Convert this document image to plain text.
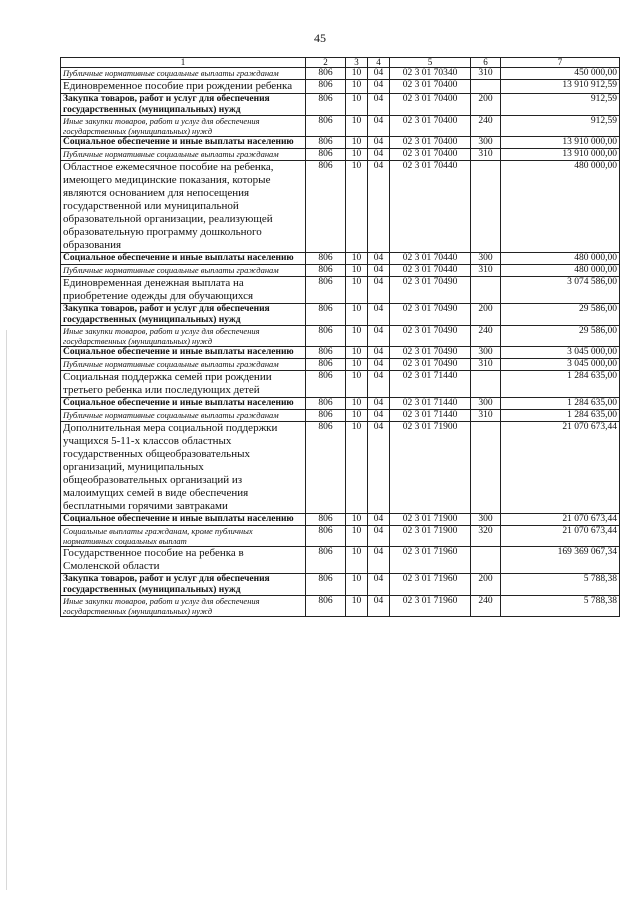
45
1	2	3	4	5	6	7
Публичные нормативные социальные выплаты гражданам	806	10	04	02 3 01 70340	310	450 000,00
Единовременное пособие при рождении ребенка	806	10	04	02 3 01 70400		13 910 912,59
Закупка товаров, работ и услуг для обеспечения государственных (муниципальных) нужд	806	10	04	02 3 01 70400	200	912,59
Иные закупки товаров, работ и услуг для обеспечения государственных (муниципальных) нужд	806	10	04	02 3 01 70400	240	912,59
Социальное обеспечение и иные выплаты населению	806	10	04	02 3 01 70400	300	13 910 000,00
Публичные нормативные социальные выплаты гражданам	806	10	04	02 3 01 70400	310	13 910 000,00
Областное ежемесячное пособие на ребенка, имеющего медицинские показания, которые являются основанием для непосещения государственной или муниципальной образовательной организации, реализующей образовательную программу дошкольного образования	806	10	04	02 3 01 70440		480 000,00
Социальное обеспечение и иные выплаты населению	806	10	04	02 3 01 70440	300	480 000,00
Публичные нормативные социальные выплаты гражданам	806	10	04	02 3 01 70440	310	480 000,00
Единовременная денежная выплата на приобретение одежды для обучающихся	806	10	04	02 3 01 70490		3 074 586,00
Закупка товаров, работ и услуг для обеспечения государственных (муниципальных) нужд	806	10	04	02 3 01 70490	200	29 586,00
Иные закупки товаров, работ и услуг для обеспечения государственных (муниципальных) нужд	806	10	04	02 3 01 70490	240	29 586,00
Социальное обеспечение и иные выплаты населению	806	10	04	02 3 01 70490	300	3 045 000,00
Публичные нормативные социальные выплаты гражданам	806	10	04	02 3 01 70490	310	3 045 000,00
Социальная поддержка семей при рождении третьего ребенка или последующих детей	806	10	04	02 3 01 71440		1 284 635,00
Социальное обеспечение и иные выплаты населению	806	10	04	02 3 01 71440	300	1 284 635,00
Публичные нормативные социальные выплаты гражданам	806	10	04	02 3 01 71440	310	1 284 635,00
Дополнительная мера социальной поддержки учащихся 5-11-х классов областных государственных общеобразовательных организаций, муниципальных общеобразовательных организаций из малоимущих семей в виде обеспечения бесплатными горячими завтраками	806	10	04	02 3 01 71900		21 070 673,44
Социальное обеспечение и иные выплаты населению	806	10	04	02 3 01 71900	300	21 070 673,44
Социальные выплаты гражданам, кроме публичных нормативных социальных выплат	806	10	04	02 3 01 71900	320	21 070 673,44
Государственное пособие на ребенка в Смоленской области	806	10	04	02 3 01 71960		169 369 067,34
Закупка товаров, работ и услуг для обеспечения государственных (муниципальных) нужд	806	10	04	02 3 01 71960	200	5 788,38
Иные закупки товаров, работ и услуг для обеспечения государственных (муниципальных) нужд	806	10	04	02 3 01 71960	240	5 788,38
